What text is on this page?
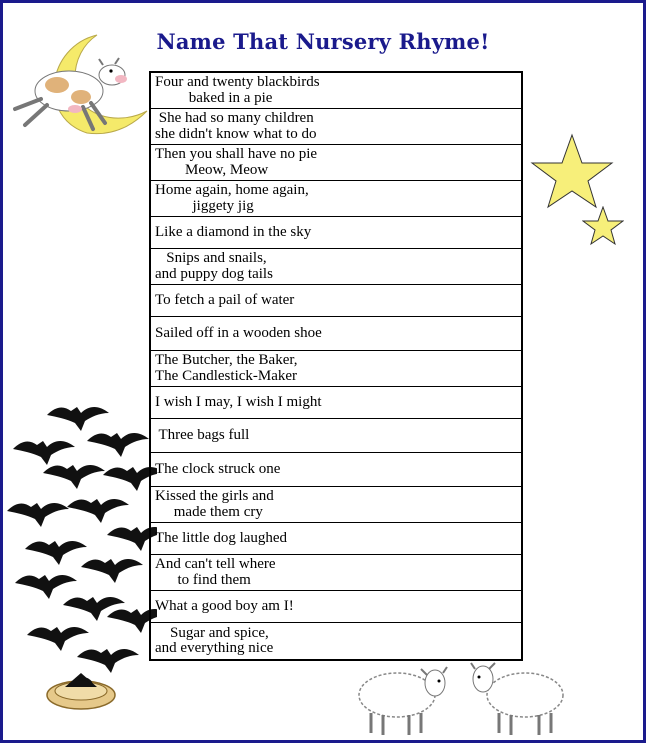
Name That Nursery Rhyme!
Four and twenty blackbirds
baked in a pie
She had so many children
she didn't know what to do
Then you shall have no pie
Meow, Meow
Home again, home again,
jiggety jig
Like a diamond in the sky
Snips and snails,
and puppy dog tails
To fetch a pail of water
Sailed off in a wooden shoe
The Butcher, the Baker,
The Candlestick-Maker
I wish I may, I wish I might
Three bags full
The clock struck one
Kissed the girls and
made them cry
The little dog laughed
And can't tell where
to find them
What a good boy am I!
Sugar and spice,
and everything nice
